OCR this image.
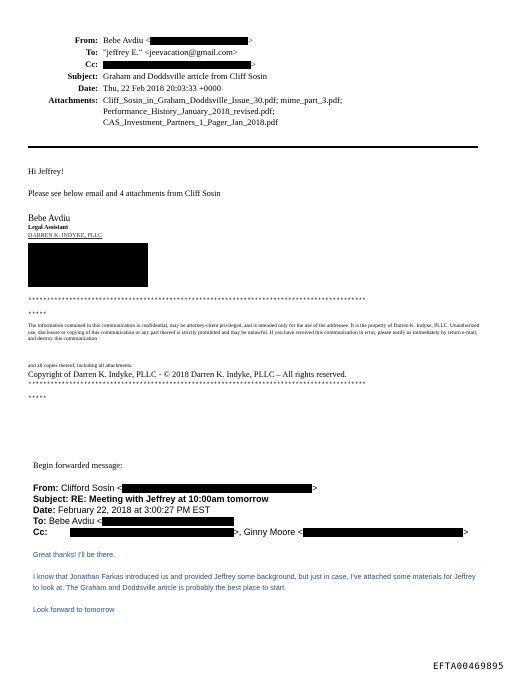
From: Bebe Avdiu <	>
To: "jeffrey E." <jeevacation@gmail.com>
Cc:	>
Subject: Graham and Doddsville article from Cliff Sosin
Date: Thu, 22 Feb 2018 20:03:33 +0000
Attachments: Cliff_Sosin_in_Graham_Doddsville_Issue_30.pdf; mime_part_3.pdf;
Performance_History_January_2018_revised.pdf;
CAS_Investment_Partners_1_Pager_Jan_2018.pdf
Hi Jeffrey!
Please see below email and 4 attachments from Cliff Sosin
Bebe Avdiu
Legal Assistant
DARREN K. INDYKE, PLLC
*******************************************************************************************
*****
The information contained in this communication is confidential, may be attorney-client privileged, and is intended only for the use of the addressee. It is the property of Darren K. Indyke, PLLC. Unauthorized use, disclosure or copying of this communication or any part thereof is strictly prohibited and may be unlawful. If you have received this communication in error, please notify us immediately by return e-mail, and destroy this communication
and all copies thereof, including all attachments.
Copyright of Darren K. Indyke, PLLC - © 2018 Darren K. Indyke, PLLC – All rights reserved.
*******************************************************************************************
*****
Begin forwarded message:
From: Clifford Sosin <	>
Subject: RE: Meeting with Jeffrey at 10:00am tomorrow
Date: February 22, 2018 at 3:00:27 PM EST
To: Bebe Avdiu <
Cc:	>, Ginny Moore <	>
Great thanks! I'll be there.
I know that Jonathan Farkas introduced us and provided Jeffrey some background, but just in case, I've attached some materials for Jeffrey to look at. The Graham and Doddsville article is probably the best place to start.
Look forward to tomorrow
EFTA00469895
